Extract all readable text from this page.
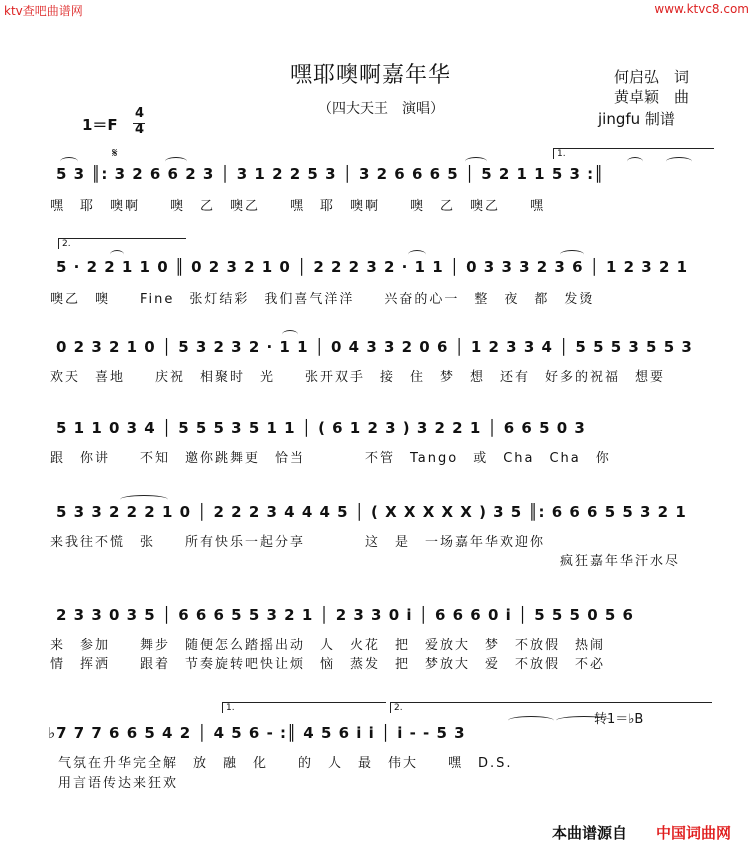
ktv查吧曲谱网	www.ktvc8.com
嘿耶噢啊嘉年华
（四大天王　演唱）
何启弘　词
黄卓颖　曲
jingfu 制谱
1＝F
4
4
𝄋
5 3 ║: 3 2 6 6 2 3 │ 3 1 2 2 5 3 │ 3 2 6 6 6 5 │ 5 2 1 1 5 3 :║
嘿　耶　噢啊　　噢　乙　噢乙　　嘿　耶　噢啊　　噢　乙　噢乙　　嘿
1.
5 · 2 2 1 1 0 ║ 0 2 3 2 1 0 │ 2 2 2 3 2 · 1 1 │ 0 3 3 3 2 3 6 │ 1 2 3 2 1
噢乙　噢　　Fine　张灯结彩　我们喜气洋洋　　兴奋的心一　整　夜　都　发烫
2.
0 2 3 2 1 0 │ 5 3 2 3 2 · 1 1 │ 0 4 3 3 2 0 6 │ 1 2 3 3 4 │ 5 5 5 3 5 5 3
欢天　喜地　　庆祝　相聚时　光　　张开双手　接　住　梦　想　还有　好多的祝福　想要
5 1 1 0 3 4 │ 5 5 5 3 5 1 1 │ ( 6 1 2 3 ) 3 2 2 1 │ 6 6 5 0 3
跟　你讲　　不知　邀你跳舞更　恰当　　　　不管　Tango　或　Cha　Cha　你
5 3 3 2 2 2 1 0 │ 2 2 2 3 4 4 4 5 │ ( X X X X X ) 3 5 ║: 6 6 6 5 5 3 2 1
来我往不慌　张　　所有快乐一起分享　　　　这　是　一场嘉年华欢迎你
疯狂嘉年华汗水尽
2 3 3 0 3 5 │ 6 6 6 5 5 3 2 1 │ 2 3 3 0 i │ 6 6 6 0 i │ 5 5 5 0 5 6
来　参加　　舞步　随便怎么踏摇出动　人　火花　把　爱放大　梦　不放假　热闹
情　挥洒　　跟着　节奏旋转吧快让烦　恼　蒸发　把　梦放大　爱　不放假　不必
♭7 7 7 6 6 5 4 2 │ 4 5 6 - :║ 4 5 6 i i │ i - - 5 3
气氛在升华完全解　放　融　化　　的　人　最　伟大　　嘿　D.S.
用言语传达来狂欢
1.	2.
转1＝♭B
本曲谱源自 中国词曲网
